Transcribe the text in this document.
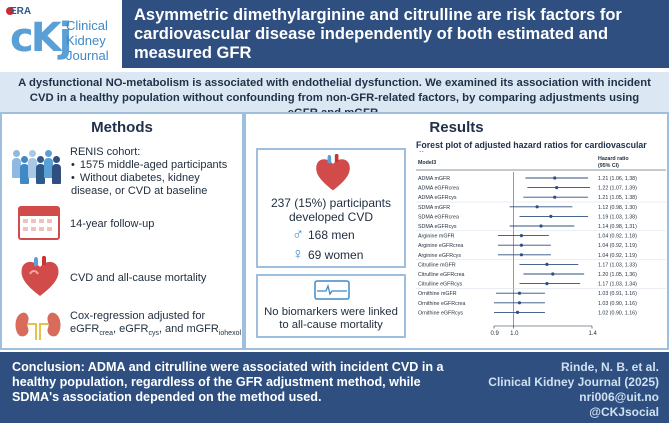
ERA
cKj
Clinical
Kidney
Journal
Asymmetric dimethylarginine and citrulline are risk factors for cardiovascular disease independently of both estimated and measured GFR
A dysfunctional NO-metabolism is associated with endothelial dysfunction. We examined its association with incident CVD in a healthy population without confounding from non-GFR-related factors, by comparing adjustments using
Methods
RENIS cohort:
• 1575 middle-aged participants
• Without diabetes, kidney disease, or CVD at baseline
14-year follow-up
CVD and all-cause mortality
Cox-regression adjusted for
eGFR$_{crea}$, eGFR$_{cys}$, and mGFR$_{iohexol}$
Results
237 (15%) participants developed CVD
♂ 168 men
♀ 69 women
No biomarkers were linked to all-cause mortality
Forest plot of adjusted hazard ratios for cardiovascular disease
Model3
Hazard ratio
(95% CI)
ADMA mGFR	1.21 (1.06, 1.38)
ADMA eGFRcrea	1.22 (1.07, 1.39)
ADMA eGFRcys	1.21 (1.05, 1.38)
SDMA mGFR	1.12 (0.98, 1.30)
SDMA eGFRcrea	1.19 (1.03, 1.38)
SDMA eGFRcys	1.14 (0.98, 1.31)
Arginine mGFR	1.04 (0.92, 1.18)
Arginine eGFRcrea	1.04 (0.92, 1.19)
Arginine eGFRcys	1.04 (0.92, 1.19)
Citrulline mGFR	1.17 (1.03, 1.33)
Citrulline eGFRcrea	1.20 (1.05, 1.36)
Citrulline eGFRcys	1.17 (1.03, 1.34)
Ornithine mGFR	1.03 (0.91, 1.16)
Ornithine eGFRcrea	1.03 (0.90, 1.16)
Ornithine eGFRcys	1.02 (0.90, 1.16)
0.9 1.0	1.4
Conclusion: ADMA and citrulline were associated with incident CVD in a healthy population, regardless of the GFR adjustment method, while SDMA's association depended on the method used.
Rinde, N. B. et al.
Clinical Kidney Journal (2025)
nri006@uit.no
@CKJsocial
